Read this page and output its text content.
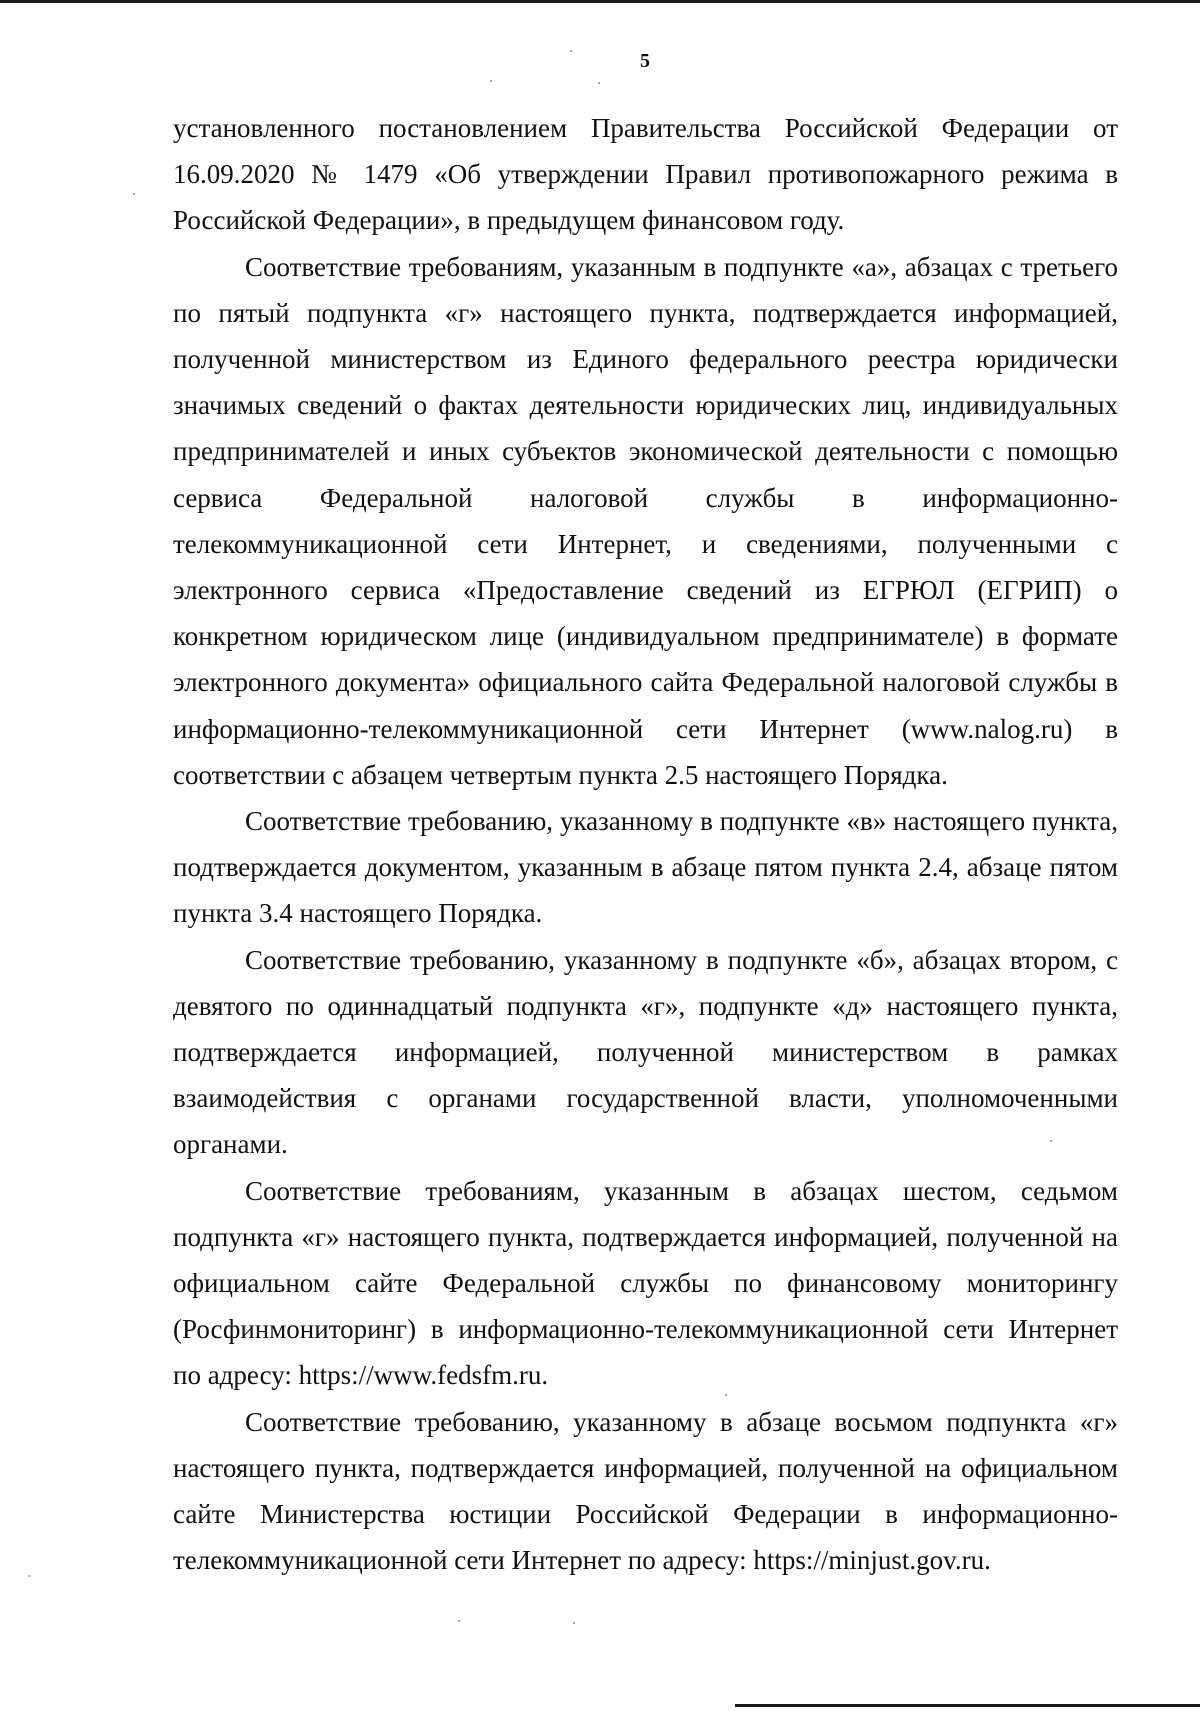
5

установленного постановлением Правительства Российской Федерации от 16.09.2020 № 1479 «Об утверждении Правил противопожарного режима в Российской Федерации», в предыдущем финансовом году.

Соответствие требованиям, указанным в подпункте «а», абзацах с третьего по пятый подпункта «г» настоящего пункта, подтверждается информацией, полученной министерством из Единого федерального реестра юридически значимых сведений о фактах деятельности юридических лиц, индивидуальных предпринимателей и иных субъектов экономической деятельности с помощью сервиса Федеральной налоговой службы в информационно-телекоммуникационной сети Интернет, и сведениями, полученными с электронного сервиса «Предоставление сведений из ЕГРЮЛ (ЕГРИП) о конкретном юридическом лице (индивидуальном предпринимателе) в формате электронного документа» официального сайта Федеральной налоговой службы в информационно-телекоммуникационной сети Интернет (www.nalog.ru) в соответствии с абзацем четвертым пункта 2.5 настоящего Порядка.

Соответствие требованию, указанному в подпункте «в» настоящего пункта, подтверждается документом, указанным в абзаце пятом пункта 2.4, абзаце пятом пункта 3.4 настоящего Порядка.

Соответствие требованию, указанному в подпункте «б», абзацах втором, с девятого по одиннадцатый подпункта «г», подпункте «д» настоящего пункта, подтверждается информацией, полученной министерством в рамках взаимодействия с органами государственной власти, уполномоченными органами.

Соответствие требованиям, указанным в абзацах шестом, седьмом подпункта «г» настоящего пункта, подтверждается информацией, полученной на официальном сайте Федеральной службы по финансовому мониторингу (Росфинмониторинг) в информационно-телекоммуникационной сети Интернет по адресу: https://www.fedsfm.ru.

Соответствие требованию, указанному в абзаце восьмом подпункта «г» настоящего пункта, подтверждается информацией, полученной на официальном сайте Министерства юстиции Российской Федерации в информационно-телекоммуникационной сети Интернет по адресу: https://minjust.gov.ru.
